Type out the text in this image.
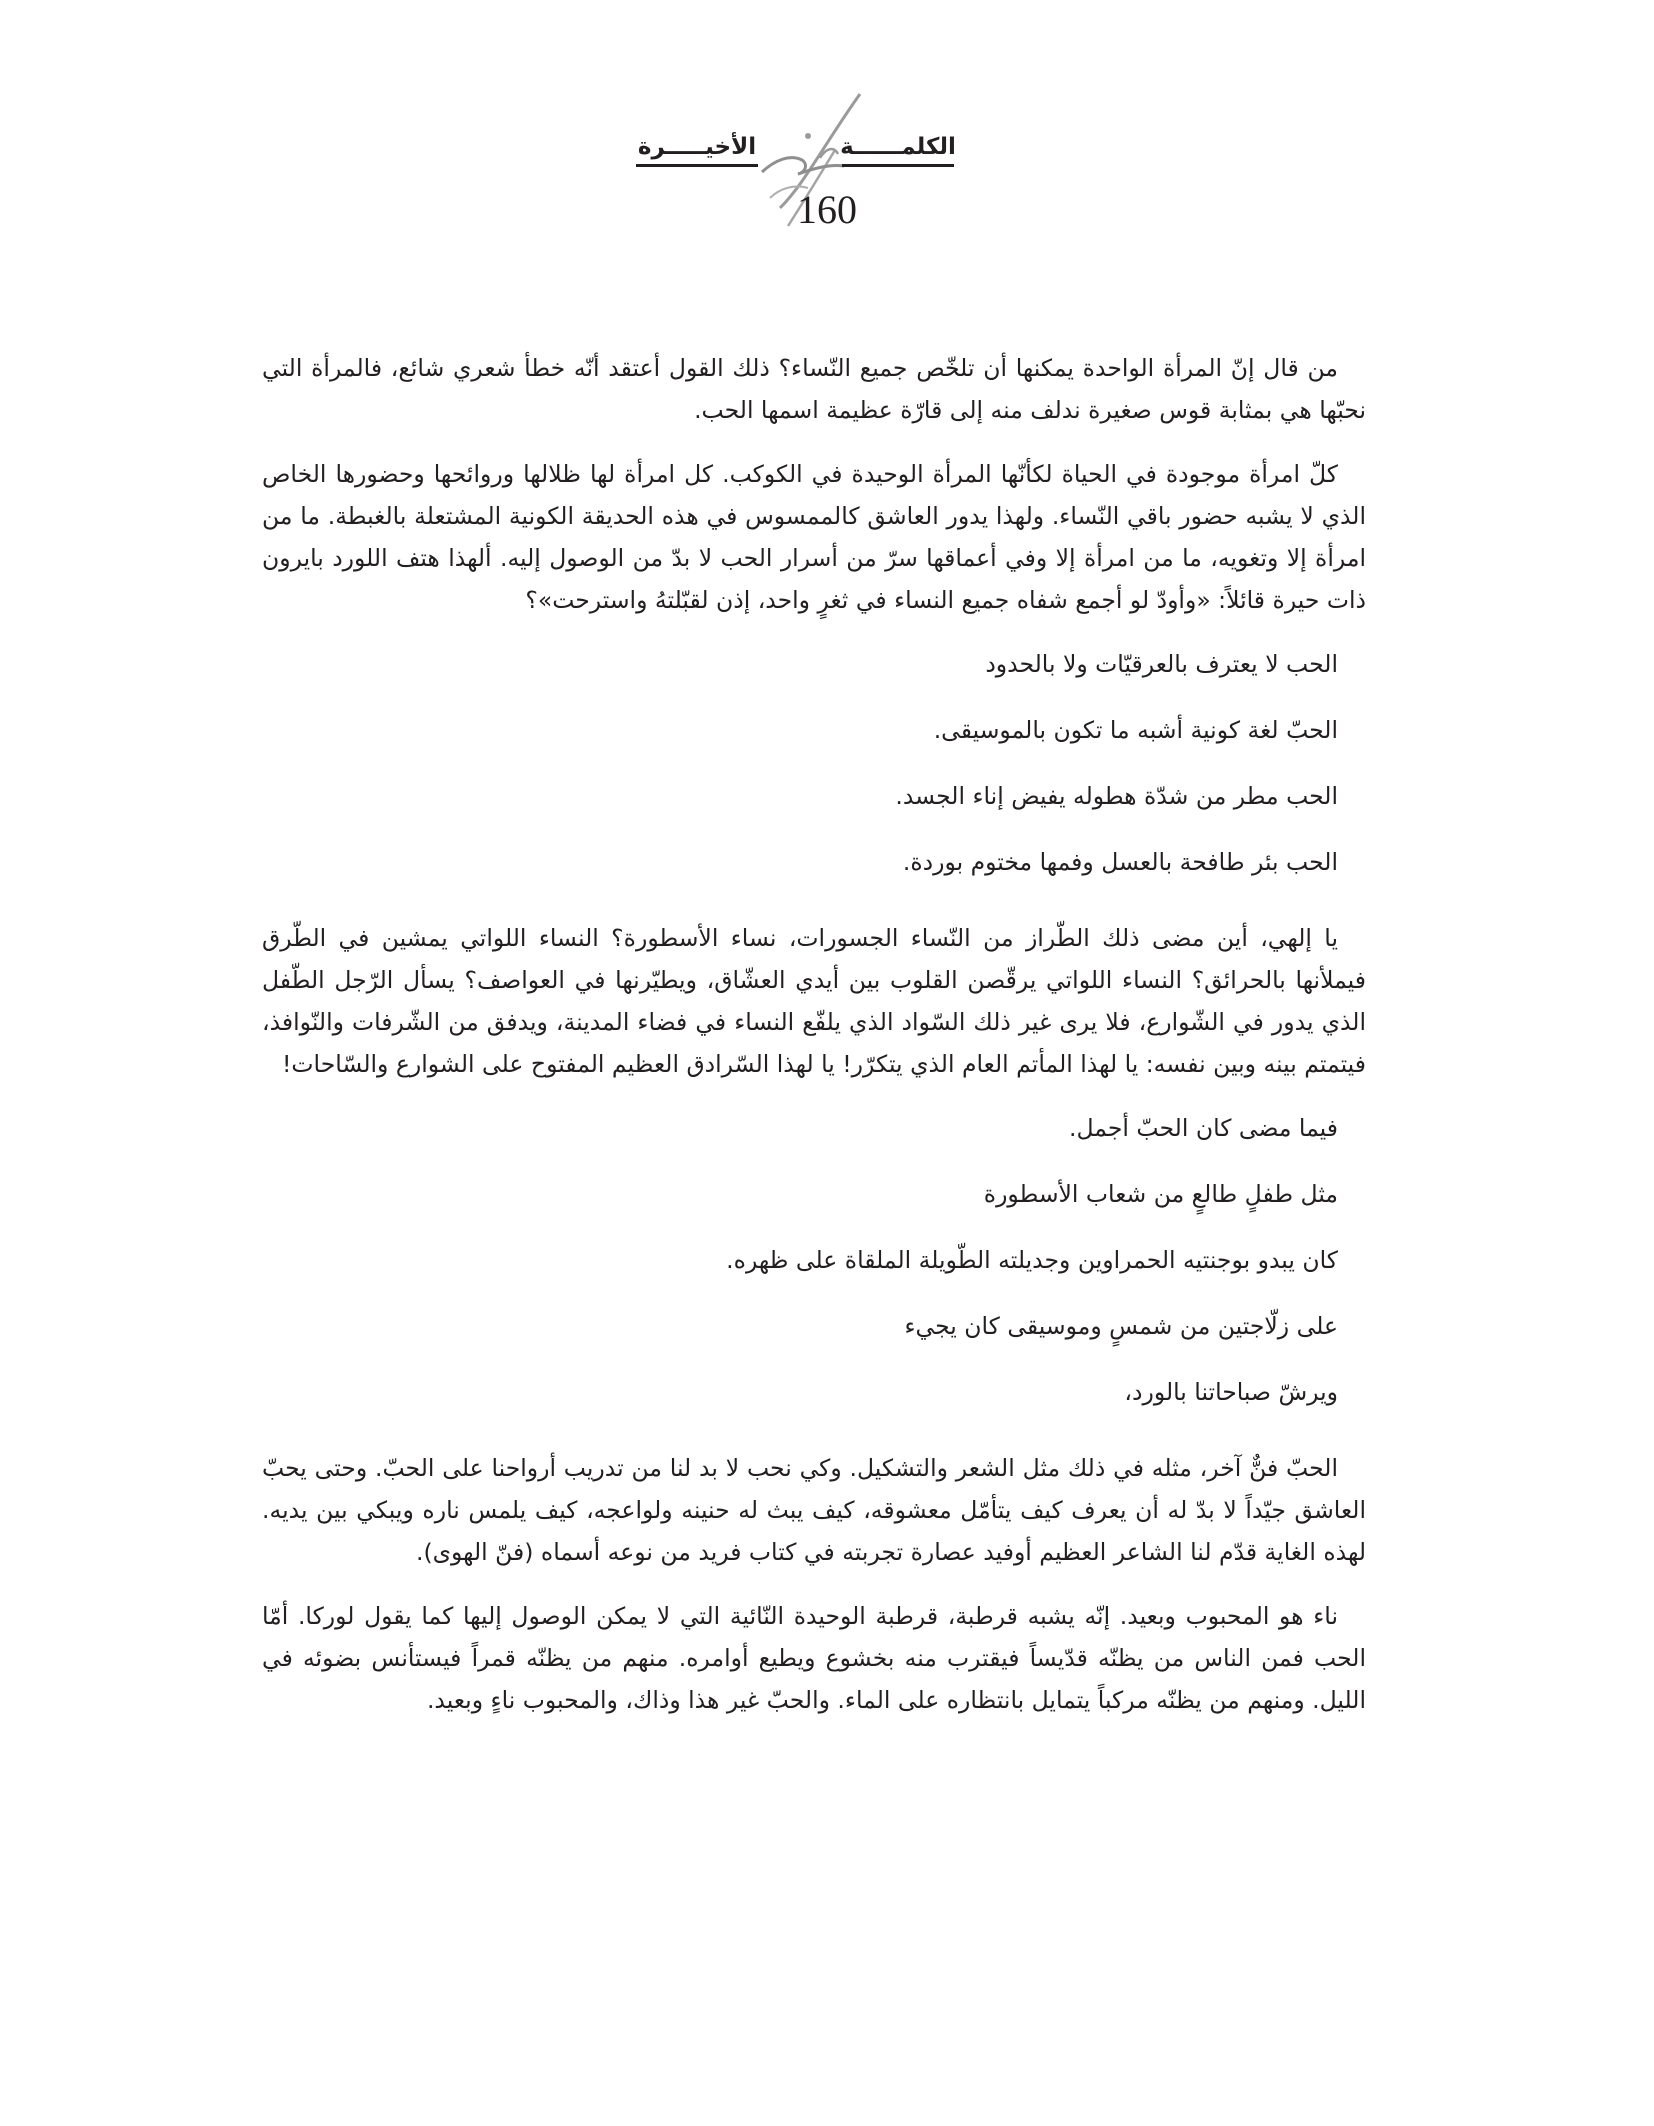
الكلمــــــة
الأخيـــــرة
160

من قال إنّ المرأة الواحدة يمكنها أن تلخّص جميع النّساء؟ ذلك القول أعتقد أنّه خطأ شعري شائع، فالمرأة التي نحبّها هي بمثابة قوس صغيرة ندلف منه إلى قارّة عظيمة اسمها الحب.

كلّ امرأة موجودة في الحياة لكأنّها المرأة الوحيدة في الكوكب. كل امرأة لها ظلالها وروائحها وحضورها الخاص الذي لا يشبه حضور باقي النّساء. ولهذا يدور العاشق كالممسوس في هذه الحديقة الكونية المشتعلة بالغبطة. ما من امرأة إلا وتغويه، ما من امرأة إلا وفي أعماقها سرّ من أسرار الحب لا بدّ من الوصول إليه. ألهذا هتف اللورد بايرون ذات حيرة قائلاً: «وأودّ لو أجمع شفاه جميع النساء في ثغرٍ واحد، إذن لقبّلتهُ واسترحت»؟

الحب لا يعترف بالعرقيّات ولا بالحدود

الحبّ لغة كونية أشبه ما تكون بالموسيقى.

الحب مطر من شدّة هطوله يفيض إناء الجسد.

الحب بئر طافحة بالعسل وفمها مختوم بوردة.

يا إلهي، أين مضى ذلك الطّراز من النّساء الجسورات، نساء الأسطورة؟ النساء اللواتي يمشين في الطّرق فيملأنها بالحرائق؟ النساء اللواتي يرقّصن القلوب بين أيدي العشّاق، ويطيّرنها في العواصف؟ يسأل الرّجل الطّفل الذي يدور في الشّوارع، فلا يرى غير ذلك السّواد الذي يلفّع النساء في فضاء المدينة، ويدفق من الشّرفات والنّوافذ، فيتمتم بينه وبين نفسه: يا لهذا المأتم العام الذي يتكرّر! يا لهذا السّرادق العظيم المفتوح على الشوارع والسّاحات!

فيما مضى كان الحبّ أجمل.

مثل طفلٍ طالعٍ من شعاب الأسطورة

كان يبدو بوجنتيه الحمراوين وجديلته الطّويلة الملقاة على ظهره.

على زلّاجتين من شمسٍ وموسيقى كان يجيء

ويرشّ صباحاتنا بالورد،

الحبّ فنٌّ آخر، مثله في ذلك مثل الشعر والتشكيل. وكي نحب لا بد لنا من تدريب أرواحنا على الحبّ. وحتى يحبّ العاشق جيّداً لا بدّ له أن يعرف كيف يتأمّل معشوقه، كيف يبث له حنينه ولواعجه، كيف يلمس ناره ويبكي بين يديه. لهذه الغاية قدّم لنا الشاعر العظيم أوفيد عصارة تجربته في كتاب فريد من نوعه أسماه (فنّ الهوى).

ناء هو المحبوب وبعيد. إنّه يشبه قرطبة، قرطبة الوحيدة النّائية التي لا يمكن الوصول إليها كما يقول لوركا. أمّا الحب فمن الناس من يظنّه قدّيساً فيقترب منه بخشوع ويطيع أوامره. منهم من يظنّه قمراً فيستأنس بضوئه في الليل. ومنهم من يظنّه مركباً يتمايل بانتظاره على الماء. والحبّ غير هذا وذاك، والمحبوب ناءٍ وبعيد.
